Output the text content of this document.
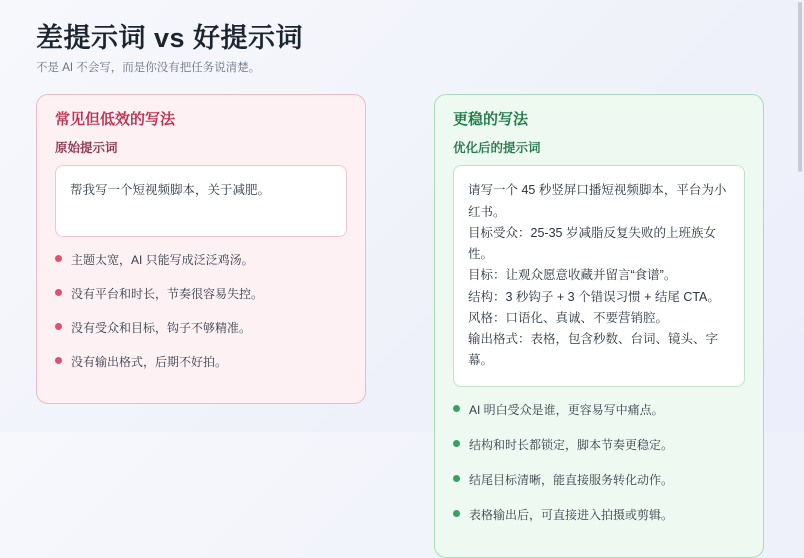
差提示词 vs 好提示词

不是 AI 不会写，而是你没有把任务说清楚。

常见但低效的写法
原始提示词
帮我写一个短视频脚本，关于减肥。
主题太宽，AI 只能写成泛泛鸡汤。
没有平台和时长，节奏很容易失控。
没有受众和目标，钩子不够精准。
没有输出格式，后期不好拍。
更稳的写法
优化后的提示词
请写一个 45 秒竖屏口播短视频脚本，平台为小红书。
目标受众：25-35 岁减脂反复失败的上班族女性。
目标：让观众愿意收藏并留言“食谱”。
结构：3 秒钩子 + 3 个错误习惯 + 结尾 CTA。
风格：口语化、真诚、不要营销腔。
输出格式：表格，包含秒数、台词、镜头、字幕。
AI 明白受众是谁，更容易写中痛点。
结构和时长都锁定，脚本节奏更稳定。
结尾目标清晰，能直接服务转化动作。
表格输出后，可直接进入拍摄或剪辑。
